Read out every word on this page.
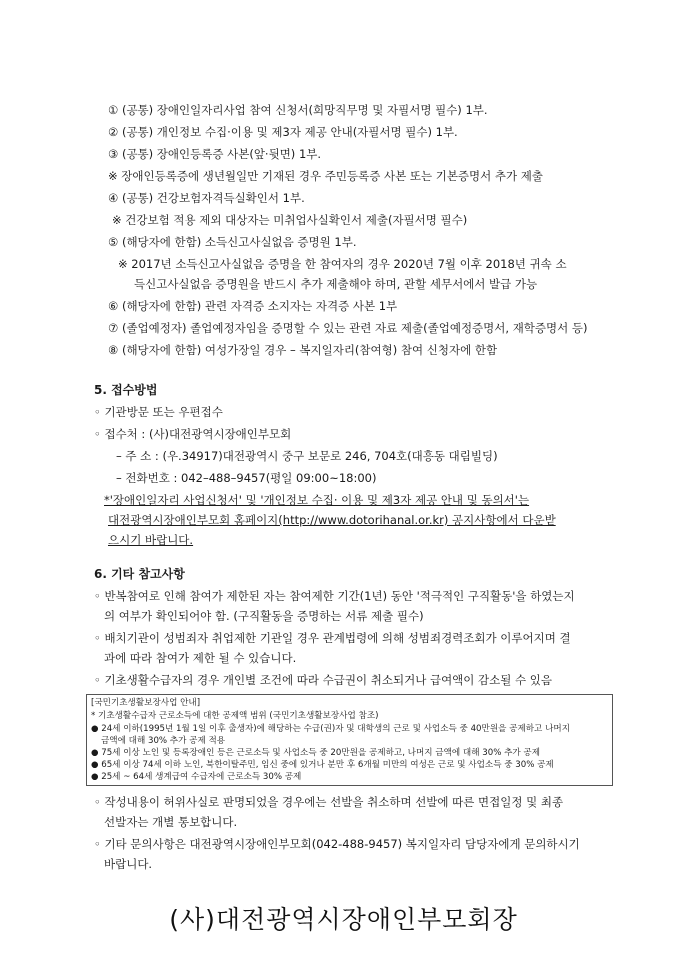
① (공통) 장애인일자리사업 참여 신청서(희망직무명 및 자필서명 필수) 1부.
② (공통) 개인정보 수집·이용 및 제3자 제공 안내(자필서명 필수) 1부.
③ (공통) 장애인등록증 사본(앞·뒷면) 1부.
※ 장애인등록증에 생년월일만 기재된 경우 주민등록증 사본 또는 기본증명서 추가 제출
④ (공통) 건강보험자격득실확인서 1부.
※ 건강보험 적용 제외 대상자는 미취업사실확인서 제출(자필서명 필수)
⑤ (해당자에 한함) 소득신고사실없음 증명원 1부.
※ 2017년 소득신고사실없음 증명을 한 참여자의 경우 2020년 7월 이후 2018년 귀속 소
득신고사실없음 증명원을 반드시 추가 제출해야 하며, 관할 세무서에서 발급 가능
⑥ (해당자에 한함) 관련 자격증 소지자는 자격증 사본 1부
⑦ (졸업예정자) 졸업예정자임을 증명할 수 있는 관련 자료 제출(졸업예정증명서, 재학증명서 등)
⑧ (해당자에 한함) 여성가장일 경우 – 복지일자리(참여형) 참여 신청자에 한함
5. 접수방법
◦ 기관방문 또는 우편접수
◦ 접수처 : (사)대전광역시장애인부모회
– 주 소 : (우.34917)대전광역시 중구 보문로 246, 704호(대흥동 대림빌딩)
– 전화번호 : 042–488–9457(평일 09:00~18:00)
*'장애인일자리 사업신청서' 및 '개인정보 수집· 이용 및 제3자 제공 안내 및 동의서'는
대전광역시장애인부모회 홈페이지(http://www.dotorihanal.or.kr) 공지사항에서 다운받
으시기 바랍니다.
6. 기타 참고사항
◦ 반복참여로 인해 참여가 제한된 자는 참여제한 기간(1년) 동안 '적극적인 구직활동'을 하였는지
의 여부가 확인되어야 함. (구직활동을 증명하는 서류 제출 필수)
◦ 배치기관이 성범죄자 취업제한 기관일 경우 관계법령에 의해 성범죄경력조회가 이루어지며 결
과에 따라 참여가 제한 될 수 있습니다.
◦ 기초생활수급자의 경우 개인별 조건에 따라 수급권이 취소되거나 급여액이 감소될 수 있음
[국민기초생활보장사업 안내]
* 기초생활수급자 근로소득에 대한 공제액 범위 (국민기초생활보장사업 참조)
● 24세 이하(1995년 1월 1일 이후 출생자)에 해당하는 수급(권)자 및 대학생의 근로 및 사업소득 중 40만원을 공제하고 나머지
금액에 대해 30% 추가 공제 적용
● 75세 이상 노인 및 등록장애인 등은 근로소득 및 사업소득 중 20만원을 공제하고, 나머지 금액에 대해 30% 추가 공제
● 65세 이상 74세 이하 노인, 북한이탈주민, 임신 중에 있거나 분만 후 6개월 미만의 여성은 근로 및 사업소득 중 30% 공제
● 25세 ~ 64세 생계급여 수급자에 근로소득 30% 공제
◦ 작성내용이 허위사실로 판명되었을 경우에는 선발을 취소하며 선발에 따른 면접일정 및 최종
선발자는 개별 통보합니다.
◦ 기타 문의사항은 대전광역시장애인부모회(042-488-9457) 복지일자리 담당자에게 문의하시기
바랍니다.
(사)대전광역시장애인부모회장
